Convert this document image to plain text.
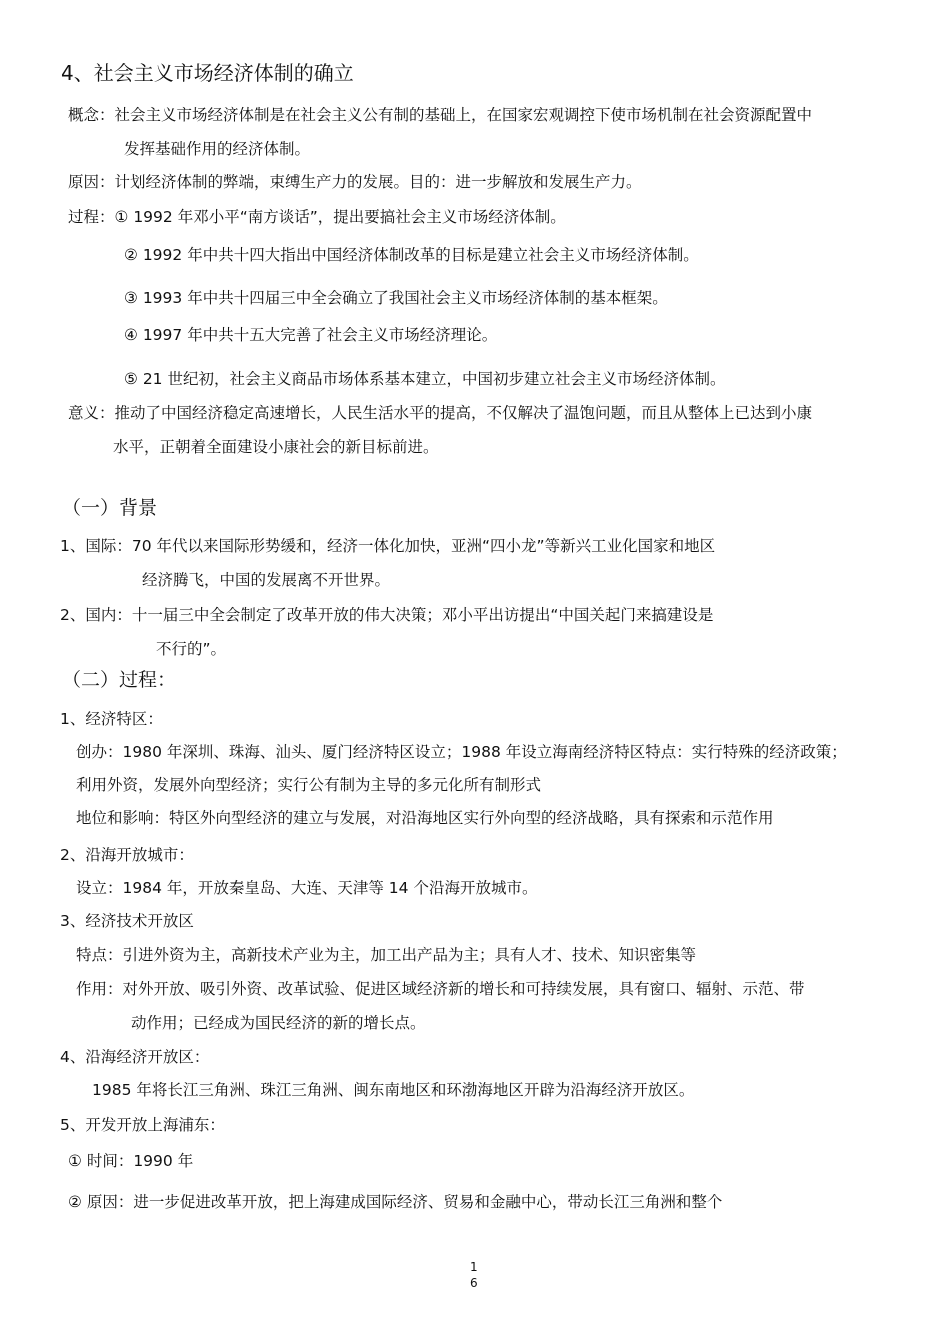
4、社会主义市场经济体制的确立
概念：社会主义市场经济体制是在社会主义公有制的基础上，在国家宏观调控下使市场机制在社会资源配置中
发挥基础作用的经济体制。
原因：计划经济体制的弊端，束缚生产力的发展。目的：进一步解放和发展生产力。
过程：① 1992 年邓小平“南方谈话”，提出要搞社会主义市场经济体制。
② 1992 年中共十四大指出中国经济体制改革的目标是建立社会主义市场经济体制。
③ 1993 年中共十四届三中全会确立了我国社会主义市场经济体制的基本框架。
④ 1997 年中共十五大完善了社会主义市场经济理论。
⑤ 21 世纪初，社会主义商品市场体系基本建立，中国初步建立社会主义市场经济体制。
意义：推动了中国经济稳定高速增长，人民生活水平的提高，不仅解决了温饱问题，而且从整体上已达到小康
水平，正朝着全面建设小康社会的新目标前进。
（一）背景
1、国际：70 年代以来国际形势缓和，经济一体化加快，亚洲“四小龙”等新兴工业化国家和地区
经济腾飞，中国的发展离不开世界。
2、国内：十一届三中全会制定了改革开放的伟大决策；邓小平出访提出“中国关起门来搞建设是
不行的”。
（二）过程：
1、经济特区：
创办：1980 年深圳、珠海、汕头、厦门经济特区设立；1988 年设立海南经济特区特点：实行特殊的经济政策；
利用外资，发展外向型经济；实行公有制为主导的多元化所有制形式
地位和影响：特区外向型经济的建立与发展，对沿海地区实行外向型的经济战略，具有探索和示范作用
2、沿海开放城市：
设立：1984 年，开放秦皇岛、大连、天津等 14 个沿海开放城市。
3、经济技术开放区
特点：引进外资为主，高新技术产业为主，加工出产品为主；具有人才、技术、知识密集等
作用：对外开放、吸引外资、改革试验、促进区域经济新的增长和可持续发展，具有窗口、辐射、示范、带
动作用；已经成为国民经济的新的增长点。
4、沿海经济开放区：
1985 年将长江三角洲、珠江三角洲、闽东南地区和环渤海地区开辟为沿海经济开放区。
5、开发开放上海浦东：
① 时间：1990 年
② 原因：进一步促进改革开放，把上海建成国际经济、贸易和金融中心，带动长江三角洲和整个
1
6
